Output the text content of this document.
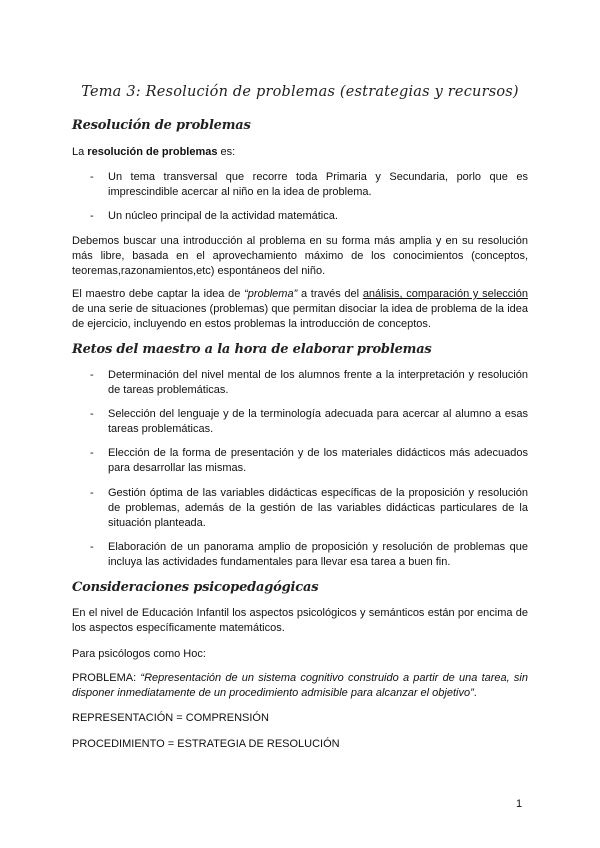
Tema 3: Resolución de problemas (estrategias y recursos)
Resolución de problemas

La resolución de problemas es:

- Un tema transversal que recorre toda Primaria y Secundaria, porlo que es imprescindible acercar al niño en la idea de problema.
- Un núcleo principal de la actividad matemática.

Debemos buscar una introducción al problema en su forma más amplia y en su resolución más libre, basada en el aprovechamiento máximo de los conocimientos (conceptos, teoremas,razonamientos,etc) espontáneos del niño.

El maestro debe captar la idea de “problema” a través del análisis, comparación y selección de una serie de situaciones (problemas) que permitan disociar la idea de problema de la idea de ejercicio, incluyendo en estos problemas la introducción de conceptos.

Retos del maestro a la hora de elaborar problemas
- Determinación del nivel mental de los alumnos frente a la interpretación y resolución de tareas problemáticas.
- Selección del lenguaje y de la terminología adecuada para acercar al alumno a esas tareas problemáticas.
- Elección de la forma de presentación y de los materiales didácticos más adecuados para desarrollar las mismas.
- Gestión óptima de las variables didácticas específicas de la proposición y resolución de problemas, además de la gestión de las variables didácticas particulares de la situación planteada.
- Elaboración de un panorama amplio de proposición y resolución de problemas que incluya las actividades fundamentales para llevar esa tarea a buen fin.
Consideraciones psicopedagógicas

En el nivel de Educación Infantil los aspectos psicológicos y semánticos están por encima de los aspectos específicamente matemáticos.

Para psicólogos como Hoc:

PROBLEMA: “Representación de un sistema cognitivo construido a partir de una tarea, sin disponer inmediatamente de un procedimiento admisible para alcanzar el objetivo”.

REPRESENTACIÓN = COMPRENSIÓN

PROCEDIMIENTO = ESTRATEGIA DE RESOLUCIÓN

1
